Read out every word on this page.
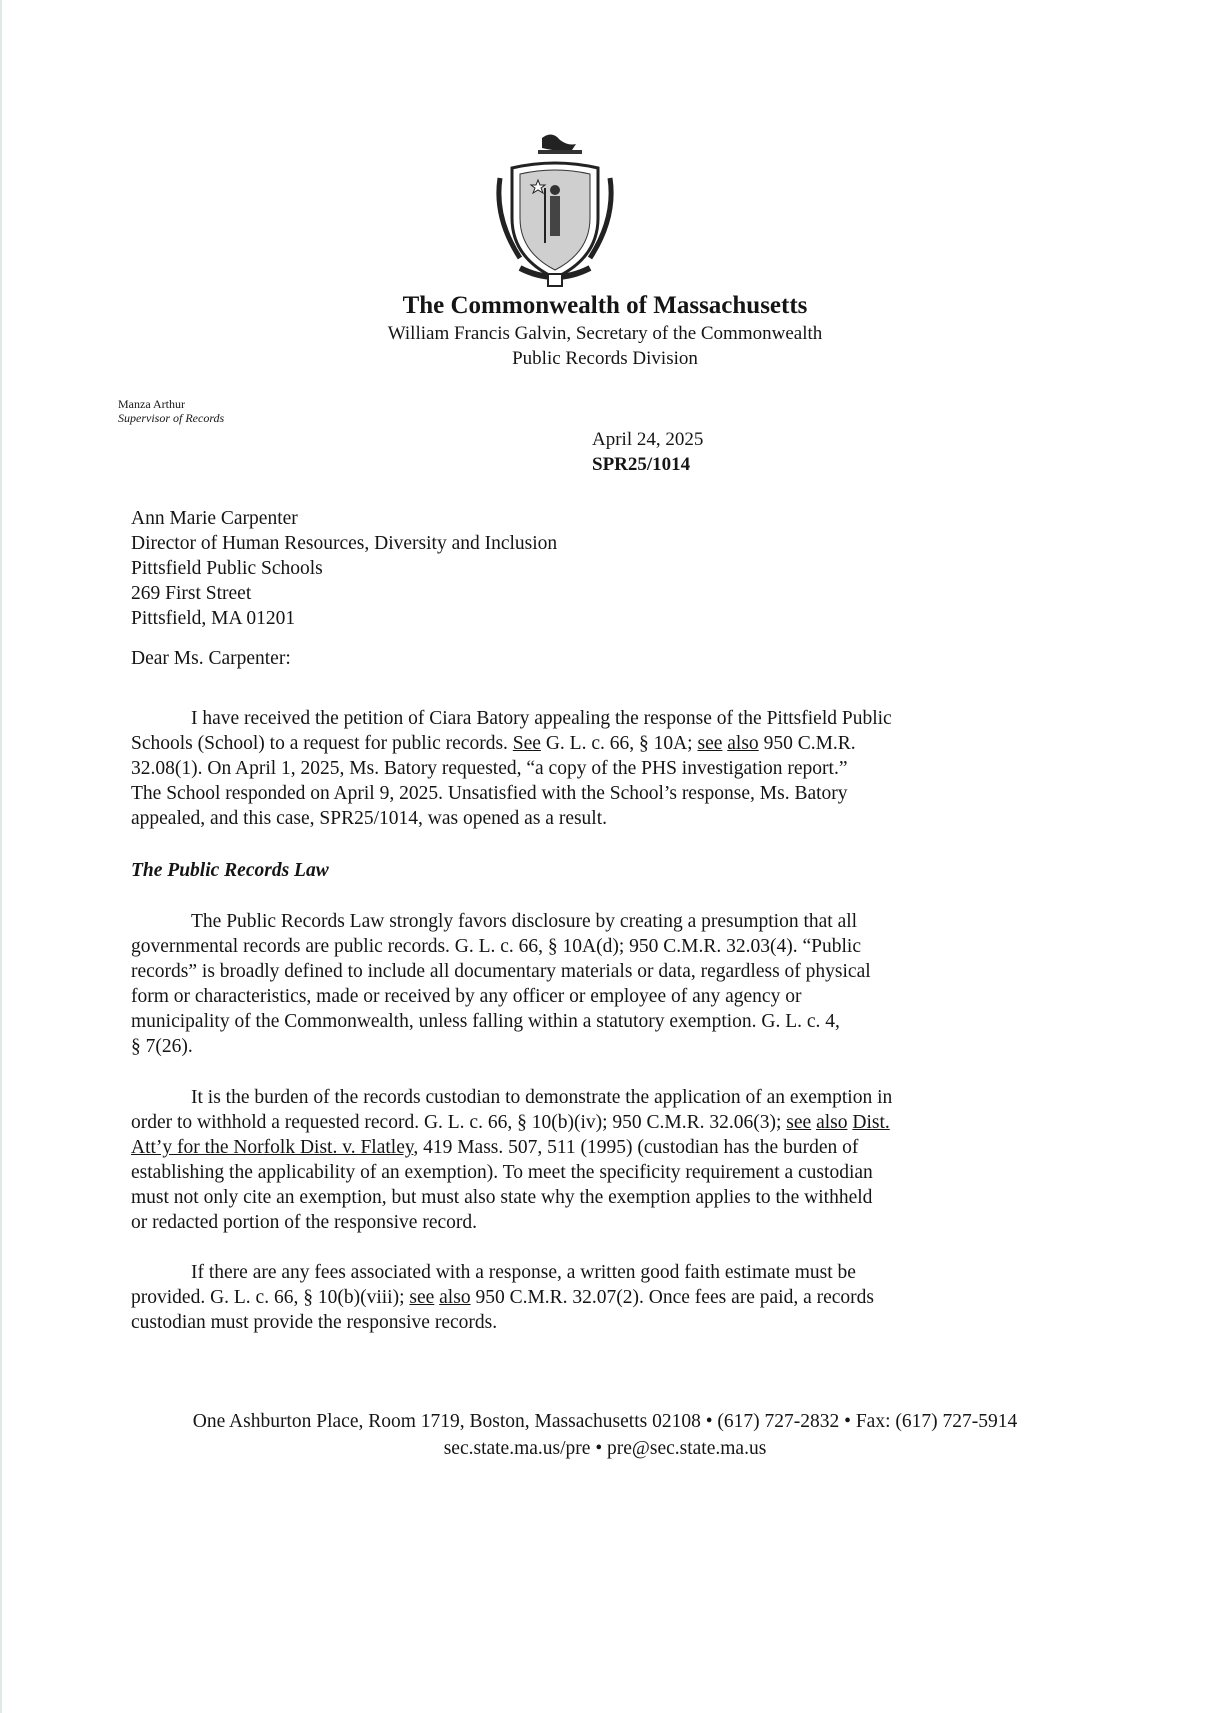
The Commonwealth of Massachusetts
William Francis Galvin, Secretary of the Commonwealth
Public Records Division
Manza Arthur
Supervisor of Records
April 24, 2025
SPR25/1014
Ann Marie Carpenter
Director of Human Resources, Diversity and Inclusion
Pittsfield Public Schools
269 First Street
Pittsfield, MA 01201
Dear Ms. Carpenter:
I have received the petition of Ciara Batory appealing the response of the Pittsfield Public
Schools (School) to a request for public records. See G. L. c. 66, § 10A; see also 950 C.M.R.
32.08(1). On April 1, 2025, Ms. Batory requested, “a copy of the PHS investigation report.”
The School responded on April 9, 2025. Unsatisfied with the School’s response, Ms. Batory
appealed, and this case, SPR25/1014, was opened as a result.
The Public Records Law
The Public Records Law strongly favors disclosure by creating a presumption that all
governmental records are public records. G. L. c. 66, § 10A(d); 950 C.M.R. 32.03(4). “Public
records” is broadly defined to include all documentary materials or data, regardless of physical
form or characteristics, made or received by any officer or employee of any agency or
municipality of the Commonwealth, unless falling within a statutory exemption. G. L. c. 4,
§ 7(26).
It is the burden of the records custodian to demonstrate the application of an exemption in
order to withhold a requested record. G. L. c. 66, § 10(b)(iv); 950 C.M.R. 32.06(3); see also Dist.
Att’y for the Norfolk Dist. v. Flatley, 419 Mass. 507, 511 (1995) (custodian has the burden of
establishing the applicability of an exemption). To meet the specificity requirement a custodian
must not only cite an exemption, but must also state why the exemption applies to the withheld
or redacted portion of the responsive record.
If there are any fees associated with a response, a written good faith estimate must be
provided. G. L. c. 66, § 10(b)(viii); see also 950 C.M.R. 32.07(2). Once fees are paid, a records
custodian must provide the responsive records.
One Ashburton Place, Room 1719, Boston, Massachusetts 02108 • (617) 727-2832 • Fax: (617) 727-5914
sec.state.ma.us/pre • pre@sec.state.ma.us
